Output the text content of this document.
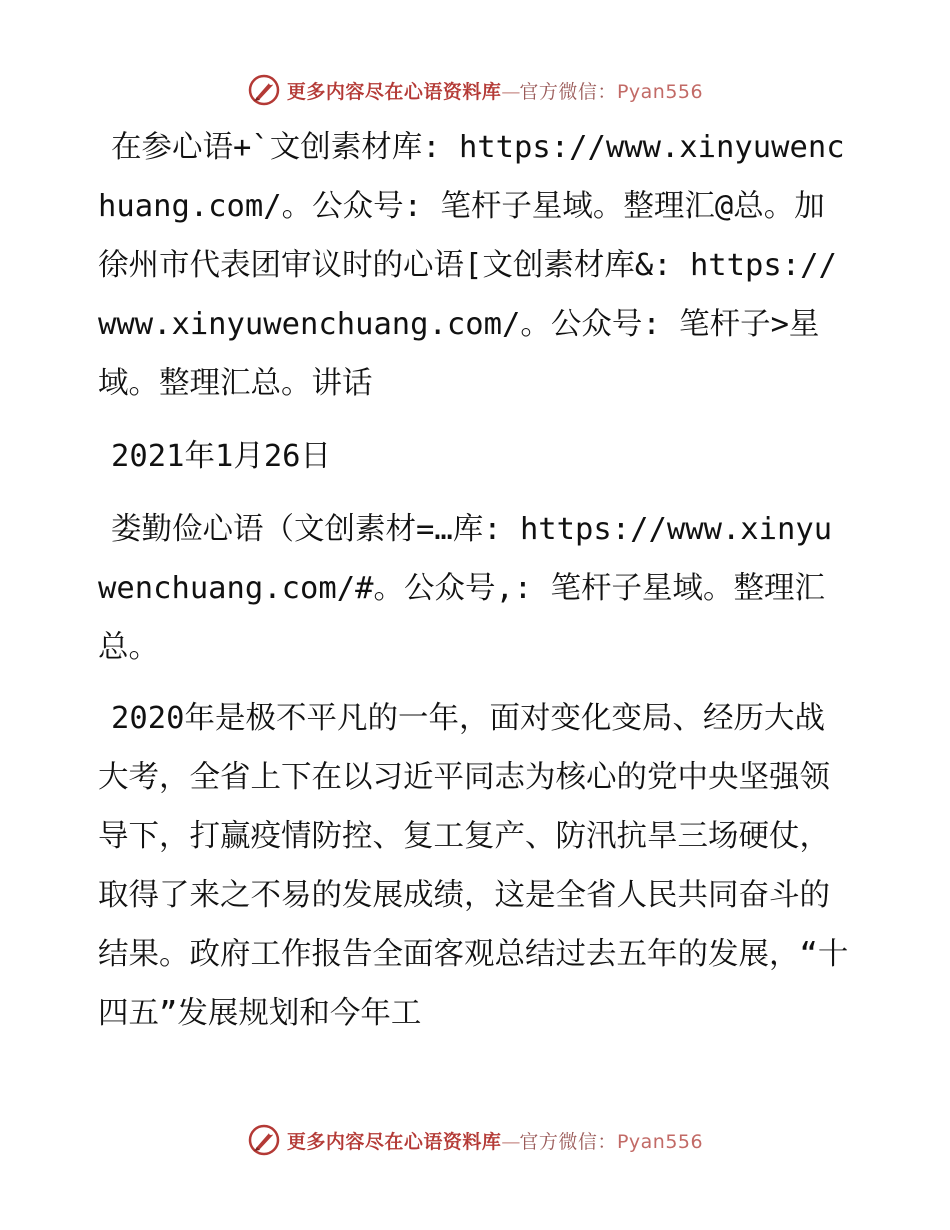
更多内容尽在心语资料库—官方微信：Pyan556

在参心语+`文创素材库: https://www.xinyuwenchuang.com/。公众号: 笔杆子星域。整理汇@总。加徐州市代表团审议时的心语[文创素材库&: https://www.xinyuwenchuang.com/。公众号: 笔杆子>星域。整理汇总。讲话

2021年1月26日

娄勤俭心语（文创素材=…库: https://www.xinyuwenchuang.com/#。公众号,: 笔杆子星域。整理汇总。

2020年是极不平凡的一年，面对变化变局、经历大战大考，全省上下在以习近平同志为核心的党中央坚强领导下，打赢疫情防控、复工复产、防汛抗旱三场硬仗，取得了来之不易的发展成绩，这是全省人民共同奋斗的结果。政府工作报告全面客观总结过去五年的发展，“十四五”发展规划和今年工

更多内容尽在心语资料库—官方微信：Pyan556
